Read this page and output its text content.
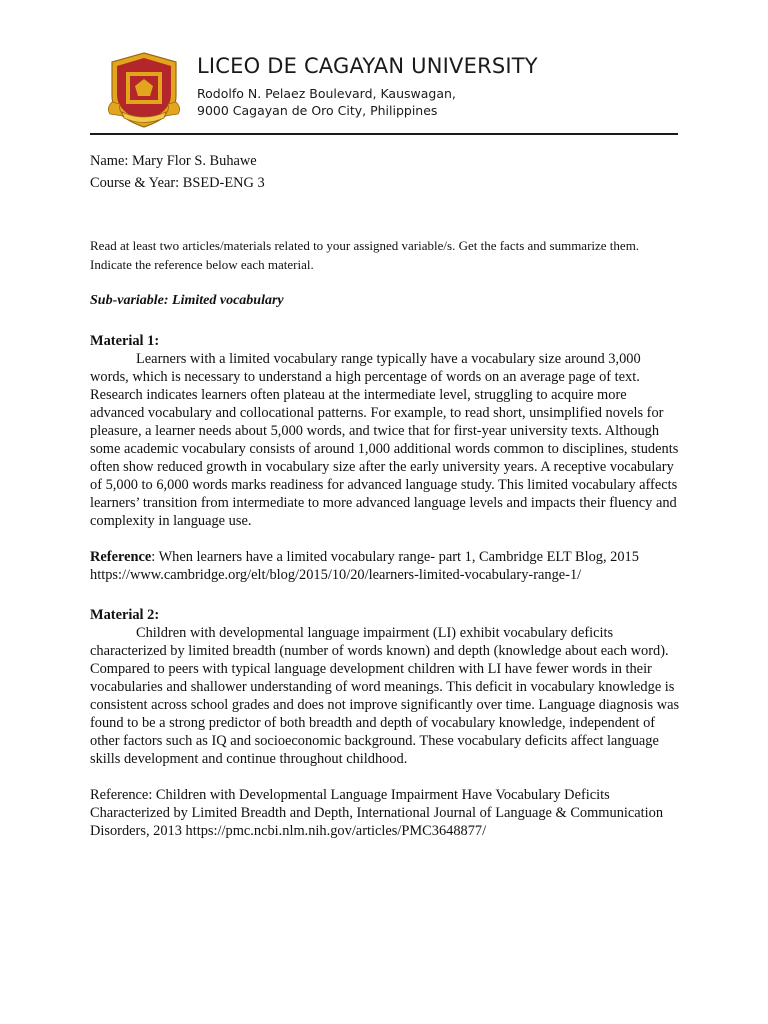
LICEO DE CAGAYAN UNIVERSITY
Rodolfo N. Pelaez Boulevard, Kauswagan,
9000 Cagayan de Oro City, Philippines

Name: Mary Flor S. Buhawe

Course & Year: BSED-ENG 3

Read at least two articles/materials related to your assigned variable/s. Get the facts and summarize them. Indicate the reference below each material.

Sub-variable: Limited vocabulary

Material 1:

Learners with a limited vocabulary range typically have a vocabulary size around 3,000 words, which is necessary to understand a high percentage of words on an average page of text. Research indicates learners often plateau at the intermediate level, struggling to acquire more advanced vocabulary and collocational patterns. For example, to read short, unsimplified novels for pleasure, a learner needs about 5,000 words, and twice that for first-year university texts. Although some academic vocabulary consists of around 1,000 additional words common to disciplines, students often show reduced growth in vocabulary size after the early university years. A receptive vocabulary of 5,000 to 6,000 words marks readiness for advanced language study. This limited vocabulary affects learners’ transition from intermediate to more advanced language levels and impacts their fluency and complexity in language use.

Reference: When learners have a limited vocabulary range- part 1, Cambridge ELT Blog, 2015 https://www.cambridge.org/elt/blog/2015/10/20/learners-limited-vocabulary-range-1/

Material 2:

Children with developmental language impairment (LI) exhibit vocabulary deficits characterized by limited breadth (number of words known) and depth (knowledge about each word). Compared to peers with typical language development children with LI have fewer words in their vocabularies and shallower understanding of word meanings. This deficit in vocabulary knowledge is consistent across school grades and does not improve significantly over time. Language diagnosis was found to be a strong predictor of both breadth and depth of vocabulary knowledge, independent of other factors such as IQ and socioeconomic background. These vocabulary deficits affect language skills development and continue throughout childhood.

Reference: Children with Developmental Language Impairment Have Vocabulary Deficits Characterized by Limited Breadth and Depth, International Journal of Language & Communication Disorders, 2013 https://pmc.ncbi.nlm.nih.gov/articles/PMC3648877/
